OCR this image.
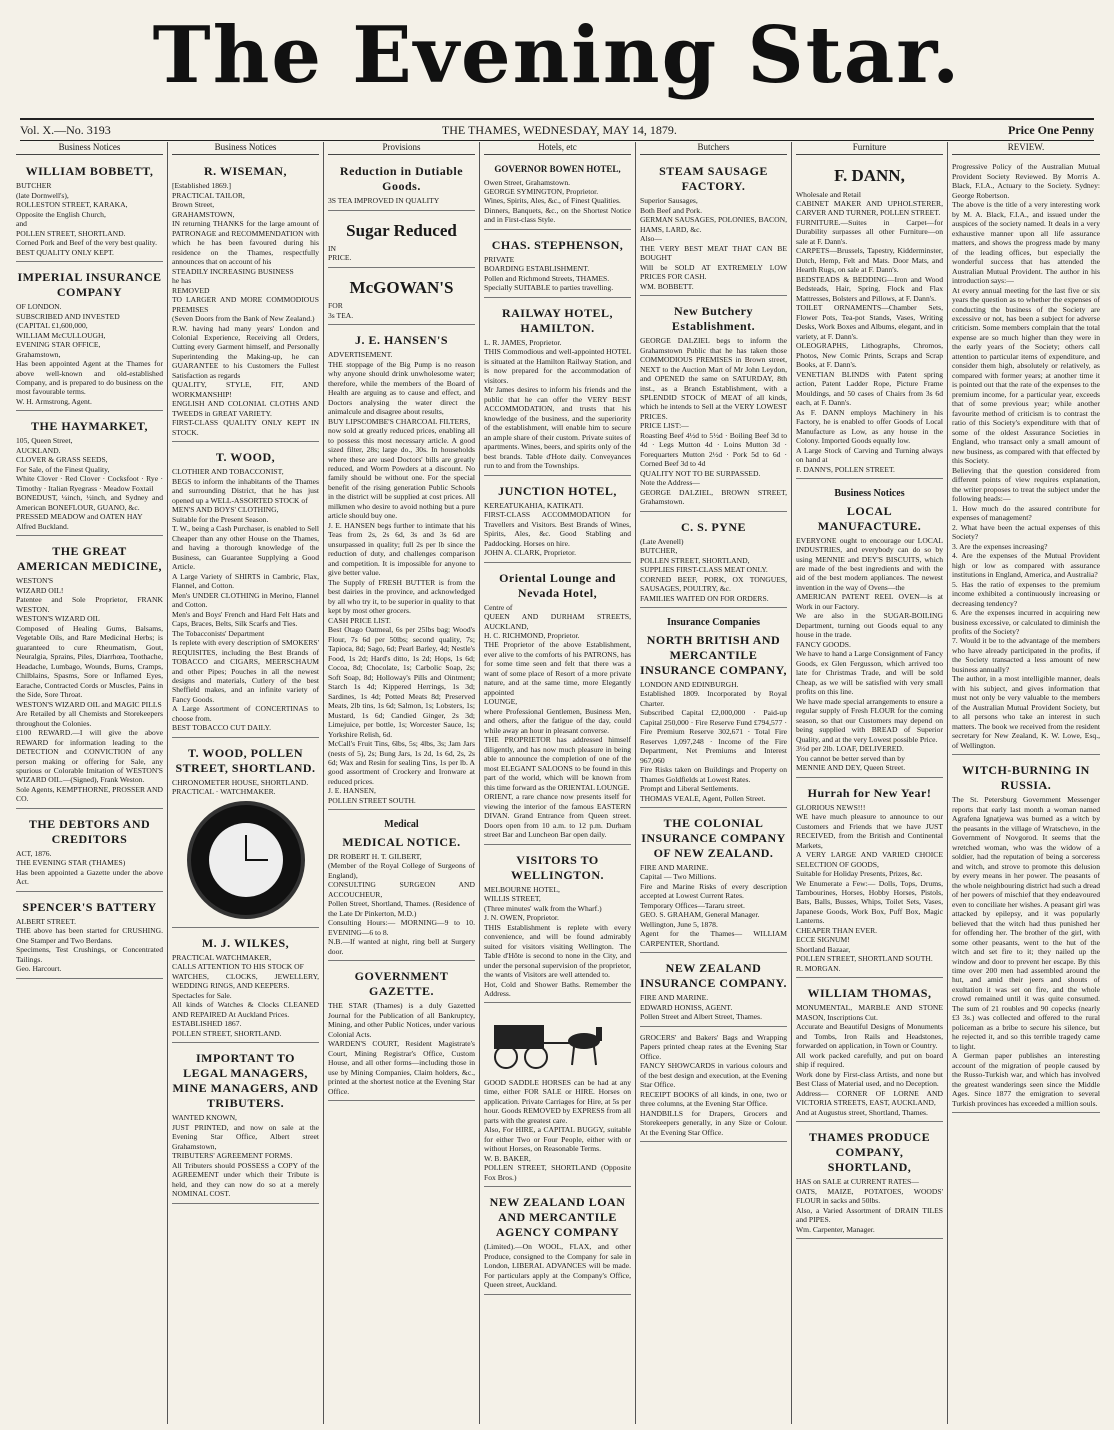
The Evening Star.
Vol. X.—No. 3193	THE THAMES, WEDNESDAY, MAY 14, 1879.	Price One Penny
Business Notices
WILLIAM BOBBETT,
BUTCHER
(late Dornwell's),
ROLLESTON STREET, KARAKA,
Opposite the English Church,
and
POLLEN STREET, SHORTLAND.
Corned Pork and Beef of the very best quality.
BEST QUALITY ONLY KEPT.
IMPERIAL INSURANCE COMPANY
OF LONDON.
SUBSCRIBED AND INVESTED
(CAPITAL £1,600,000,
WILLIAM McCULLOUGH,
EVENING STAR OFFICE,
Grahamstown,
Has been appointed Agent at the Thames for above well-known and old-established Company, and is prepared to do business on the most favourable terms.
W. H. Armstrong, Agent.
THE HAYMARKET,
105, Queen Street,
AUCKLAND.
CLOVER & GRASS SEEDS,
For Sale, of the Finest Quality,
White Clover · Red Clover · Cocksfoot · Rye · Timothy · Italian Ryegrass · Meadow Foxtail
BONEDUST, ¼inch, ½inch, and Sydney and American BONEFLOUR, GUANO, &c.
PRESSED MEADOW and OATEN HAY
Alfred Buckland.
THE GREAT AMERICAN MEDICINE,
WESTON'S
WIZARD OIL!
Patentee and Sole Proprietor, FRANK WESTON.
WESTON'S WIZARD OIL
Composed of Healing Gums, Balsams, Vegetable Oils, and Rare Medicinal Herbs; is guaranteed to cure Rheumatism, Gout, Neuralgia, Sprains, Piles, Diarrhœa, Toothache, Headache, Lumbago, Wounds, Burns, Cramps, Chilblains, Spasms, Sore or Inflamed Eyes, Earache, Contracted Cords or Muscles, Pains in the Side, Sore Throat.
WESTON'S WIZARD OIL and MAGIC PILLS
Are Retailed by all Chemists and Storekeepers throughout the Colonies.
£100 REWARD.—I will give the above REWARD for information leading to the DETECTION and CONVICTION of any person making or offering for Sale, any spurious or Colorable Imitation of WESTON'S WIZARD OIL.—(Signed), Frank Weston.
Sole Agents, KEMPTHORNE, PROSSER AND CO.
THE DEBTORS AND CREDITORS
ACT, 1876.
THE EVENING STAR (THAMES)
Has been appointed a Gazette under the above Act.
SPENCER'S BATTERY
ALBERT STREET.
THE above has been started for CRUSHING. One Stamper and Two Berdans.
Specimens, Test Crushings, or Concentrated Tailings.
Geo. Harcourt.
Business Notices
R. WISEMAN,
[Established 1869.]
PRACTICAL TAILOR,
Brown Street,
GRAHAMSTOWN,
IN returning THANKS for the large amount of PATRONAGE and RECOMMENDATION with which he has been favoured during his residence on the Thames, respectfully announces that on account of his
STEADILY INCREASING BUSINESS
he has
REMOVED
TO LARGER AND MORE COMMODIOUS PREMISES
(Seven Doors from the Bank of New Zealand.)
R.W. having had many years' London and Colonial Experience, Receiving all Orders, Cutting every Garment himself, and Personally Superintending the Making-up, he can GUARANTEE to his Customers the Fullest Satisfaction as regards
QUALITY, STYLE, FIT, AND WORKMANSHIP!
ENGLISH AND COLONIAL CLOTHS AND TWEEDS in GREAT VARIETY.
FIRST-CLASS QUALITY ONLY KEPT IN STOCK.
T. WOOD,
CLOTHIER AND TOBACCONIST,
BEGS to inform the inhabitants of the Thames and surrounding District, that he has just opened up a WELL-ASSORTED STOCK of
MEN'S AND BOYS' CLOTHING,
Suitable for the Present Season.
T. W., being a Cash Purchaser, is enabled to Sell Cheaper than any other House on the Thames, and having a thorough knowledge of the Business, can Guarantee Supplying a Good Article.
A Large Variety of SHIRTS in Cambric, Flax, Flannel, and Cotton.
Men's UNDER CLOTHING in Merino, Flannel and Cotton.
Men's and Boys' French and Hard Felt Hats and Caps, Braces, Belts, Silk Scarfs and Ties.
The Tobacconists' Department
Is replete with every description of SMOKERS' REQUISITES, including the Best Brands of TOBACCO and CIGARS, MEERSCHAUM and other Pipes; Pouches in all the newest designs and materials, Cutlery of the best Sheffield makes, and an infinite variety of Fancy Goods.
A Large Assortment of CONCERTINAS to choose from.
BEST TOBACCO CUT DAILY.
T. WOOD, POLLEN STREET, SHORTLAND.
CHRONOMETER HOUSE, SHORTLAND.
PRACTICAL · WATCHMAKER.
M. J. WILKES,
PRACTICAL WATCHMAKER,
CALLS ATTENTION TO HIS STOCK OF
WATCHES, CLOCKS, JEWELLERY, WEDDING RINGS, AND KEEPERS.
Spectacles for Sale.
All kinds of Watches & Clocks CLEANED AND REPAIRED At Auckland Prices.
ESTABLISHED 1867.
POLLEN STREET, SHORTLAND.
IMPORTANT TO LEGAL MANAGERS, MINE MANAGERS, AND TRIBUTERS.
WANTED KNOWN,
JUST PRINTED, and now on sale at the Evening Star Office, Albert street Grahamstown,
TRIBUTERS' AGREEMENT FORMS.
All Tributers should POSSESS a COPY of the AGREEMENT under which their Tribute is held, and they can now do so at a merely NOMINAL COST.
Provisions
Reduction in Dutiable Goods.
3S TEA IMPROVED IN QUALITY
Sugar Reduced
IN
PRICE.
McGOWAN'S
FOR
3s TEA.
J. E. HANSEN'S
ADVERTISEMENT.
THE stoppage of the Big Pump is no reason why anyone should drink unwholesome water; therefore, while the members of the Board of Health are arguing as to cause and effect, and Doctors analysing the water direct the animalcule and disagree about results,
BUY LIPSCOMBE'S CHARCOAL FILTERS,
now sold at greatly reduced prices, enabling all to possess this most necessary article. A good sized filter, 28s; large do., 30s. In households where these are used Doctors' bills are greatly reduced, and Worm Powders at a discount. No family should be without one. For the special benefit of the rising generation Public Schools in the district will be supplied at cost prices. All milkmen who desire to avoid nothing but a pure article should buy one.
J. E. HANSEN begs further to intimate that his Teas from 2s, 2s 6d, 3s and 3s 6d are unsurpassed in quality; full 2s per lb since the reduction of duty, and challenges comparison and competition. It is impossible for anyone to give better value.
The Supply of FRESH BUTTER is from the best dairies in the province, and acknowledged by all who try it, to be superior in quality to that kept by most other grocers.
CASH PRICE LIST.
Best Otago Oatmeal, 6s per 25lbs bag; Wood's Flour, 7s 6d per 50lbs; second quality, 7s; Tapioca, 8d; Sago, 6d; Pearl Barley, 4d; Nestle's Food, 1s 2d; Hard's ditto, 1s 2d; Hops, 1s 6d; Cocoa, 8d; Chocolate, 1s; Carbolic Soap, 2s; Soft Soap, 8d; Holloway's Pills and Ointment; Starch 1s 4d; Kippered Herrings, 1s 3d; Sardines, 1s 4d; Potted Meats 8d; Preserved Meats, 2lb tins, 1s 6d; Salmon, 1s; Lobsters, 1s; Mustard, 1s 6d; Candied Ginger, 2s 3d; Limejuice, per bottle, 1s; Worcester Sauce, 1s; Yorkshire Relish, 6d.
McCall's Fruit Tins, 6lbs, 5s; 4lbs, 3s; Jam Jars (nests of 5), 2s; Bung Jars, 1s 2d, 1s 6d, 2s, 2s 6d; Wax and Resin for sealing Tins, 1s per lb. A good assortment of Crockery and Ironware at reduced prices.
J. E. HANSEN,
POLLEN STREET SOUTH.
Medical
MEDICAL NOTICE.
DR ROBERT H. T. GILBERT,
(Member of the Royal College of Surgeons of England),
CONSULTING SURGEON AND ACCOUCHEUR,
Pollen Street, Shortland, Thames. (Residence of the Late Dr Pinkerton, M.D.)
Consulting Hours:— MORNING—9 to 10. EVENING—6 to 8.
N.B.—If wanted at night, ring bell at Surgery door.
GOVERNMENT GAZETTE.
THE STAR (Thames) is a duly Gazetted Journal for the Publication of all Bankruptcy, Mining, and other Public Notices, under various Colonial Acts.
WARDEN'S COURT, Resident Magistrate's Court, Mining Registrar's Office, Custom House, and all other forms—including those in use by Mining Companies, Claim holders, &c., printed at the shortest notice at the Evening Star Office.
Hotels, etc
GOVERNOR BOWEN HOTEL,
Owen Street, Grahamstown.
GEORGE SYMINGTON, Proprietor.
Wines, Spirits, Ales, &c., of Finest Qualities.
Dinners, Banquets, &c., on the Shortest Notice and in First-class Style.
CHAS. STEPHENSON,
PRIVATE
BOARDING ESTABLISHMENT.
Pollen and Richmond Streets, THAMES.
Specially SUITABLE to parties travelling.
RAILWAY HOTEL, HAMILTON.
L. R. JAMES, Proprietor.
THIS Commodious and well-appointed HOTEL is situated at the Hamilton Railway Station, and is now prepared for the accommodation of visitors.
Mr James desires to inform his friends and the public that he can offer the VERY BEST ACCOMMODATION, and trusts that his knowledge of the business, and the superiority of the establishment, will enable him to secure an ample share of their custom. Private suites of apartments. Wines, beers, and spirits only of the best brands. Table d'Hote daily. Conveyances run to and from the Townships.
JUNCTION HOTEL,
KEREATUKAHIA, KATIKATI.
FIRST-CLASS ACCOMMODATION for Travellers and Visitors. Best Brands of Wines, Spirits, Ales, &c. Good Stabling and Paddocking. Horses on hire.
JOHN A. CLARK, Proprietor.
Oriental Lounge and Nevada Hotel,
Centre of
QUEEN AND DURHAM STREETS, AUCKLAND,
H. C. RICHMOND, Proprietor.
THE Proprietor of the above Establishment, ever alive to the comforts of his PATRONS, has for some time seen and felt that there was a want of some place of Resort of a more private nature, and at the same time, more Elegantly appointed
LOUNGE,
where Professional Gentlemen, Business Men, and others, after the fatigue of the day, could while away an hour in pleasant converse.
THE PROPRIETOR has addressed himself diligently, and has now much pleasure in being able to announce the completion of one of the most ELEGANT SALOONS to be found in this part of the world, which will be known from this time forward as the ORIENTAL LOUNGE.
ORIENT, a rare chance now presents itself for viewing the interior of the famous EASTERN DIVAN. Grand Entrance from Queen street. Doors open from 10 a.m. to 12 p.m. Durham street Bar and Luncheon Bar open daily.
VISITORS TO WELLINGTON.
MELBOURNE HOTEL,
WILLIS STREET,
(Three minutes' walk from the Wharf.)
J. N. OWEN, Proprietor.
THIS Establishment is replete with every convenience, and will be found admirably suited for visitors visiting Wellington. The Table d'Hôte is second to none in the City, and under the personal supervision of the proprietor, the wants of Visitors are well attended to.
Hot, Cold and Shower Baths. Remember the Address.
GOOD SADDLE HORSES can be had at any time, either FOR SALE or HIRE. Horses on application. Private Carriages for Hire, at 5s per hour. Goods REMOVED by EXPRESS from all parts with the greatest care.
Also, For HIRE, a CAPITAL BUGGY, suitable for either Two or Four People, either with or without Horses, on Reasonable Terms.
W. B. BAKER,
POLLEN STREET, SHORTLAND (Opposite Fox Bros.)
NEW ZEALAND LOAN AND MERCANTILE AGENCY COMPANY
(Limited).—On WOOL, FLAX, and other Produce, consigned to the Company for sale in London, LIBERAL ADVANCES will be made. For particulars apply at the Company's Office, Queen street, Auckland.
Butchers
STEAM SAUSAGE FACTORY.
Superior Sausages,
Both Beef and Pork.
GERMAN SAUSAGES, POLONIES, BACON, HAMS, LARD, &c.
Also—
THE VERY BEST MEAT THAT CAN BE BOUGHT
Will be SOLD AT EXTREMELY LOW PRICES FOR CASH.
WM. BOBBETT.
New Butchery Establishment.
GEORGE DALZIEL begs to inform the Grahamstown Public that he has taken those COMMODIOUS PREMISES in Brown street, NEXT to the Auction Mart of Mr John Leydon, and OPENED the same on SATURDAY, 8th inst., as a Branch Establishment, with a SPLENDID STOCK of MEAT of all kinds, which he intends to Sell at the VERY LOWEST PRICES.
PRICE LIST:—
Roasting Beef 4½d to 5½d · Boiling Beef 3d to 4d · Legs Mutton 4d · Loins Mutton 3d · Forequarters Mutton 2½d · Pork 5d to 6d · Corned Beef 3d to 4d
QUALITY NOT TO BE SURPASSED.
Note the Address—
GEORGE DALZIEL, BROWN STREET, Grahamstown.
C. S. PYNE
(Late Avenell)
BUTCHER,
POLLEN STREET, SHORTLAND,
SUPPLIES FIRST-CLASS MEAT ONLY.
CORNED BEEF, PORK, OX TONGUES, SAUSAGES, POULTRY, &c.
FAMILIES WAITED ON FOR ORDERS.
Insurance Companies
NORTH BRITISH AND MERCANTILE INSURANCE COMPANY,
LONDON AND EDINBURGH.
Established 1809. Incorporated by Royal Charter.
Subscribed Capital £2,000,000 · Paid-up Capital 250,000 · Fire Reserve Fund £794,577 · Fire Premium Reserve 302,671 · Total Fire Reserves 1,097,248 · Income of the Fire Department, Net Premiums and Interest 967,060
Fire Risks taken on Buildings and Property on Thames Goldfields at Lowest Rates.
Prompt and Liberal Settlements.
THOMAS VEALE, Agent, Pollen Street.
THE COLONIAL INSURANCE COMPANY OF NEW ZEALAND.
FIRE AND MARINE.
Capital — Two Millions.
Fire and Marine Risks of every description accepted at Lowest Current Rates.
Temporary Offices—Tararu street.
GEO. S. GRAHAM, General Manager.
Wellington, June 5, 1878.
Agent for the Thames— WILLIAM CARPENTER, Shortland.
NEW ZEALAND INSURANCE COMPANY.
FIRE AND MARINE.
EDWARD HONISS, AGENT.
Pollen Street and Albert Street, Thames.
GROCERS' and Bakers' Bags and Wrapping Papers printed cheap rates at the Evening Star Office.
FANCY SHOWCARDS in various colours and of the best design and execution, at the Evening Star Office.
RECEIPT BOOKS of all kinds, in one, two or three columns, at the Evening Star Office.
HANDBILLS for Drapers, Grocers and Storekeepers generally, in any Size or Colour. At the Evening Star Office.
Furniture
F. DANN,
Wholesale and Retail
CABINET MAKER AND UPHOLSTERER, CARVER AND TURNER, POLLEN STREET.
FURNITURE.—Suites in Carpet—for Durability surpasses all other Furniture—on sale at F. Dann's.
CARPETS—Brussels, Tapestry, Kidderminster, Dutch, Hemp, Felt and Mats. Door Mats, and Hearth Rugs, on sale at F. Dann's.
BEDSTEADS & BEDDING—Iron and Wood Bedsteads, Hair, Spring, Flock and Flax Mattresses, Bolsters and Pillows, at F. Dann's.
TOILET ORNAMENTS—Chamber Sets, Flower Pots, Tea-pot Stands, Vases, Writing Desks, Work Boxes and Albums, elegant, and in variety, at F. Dann's.
OLEOGRAPHS, Lithographs, Chromos, Photos, New Comic Prints, Scraps and Scrap Books, at F. Dann's.
VENETIAN BLINDS with Patent spring action, Patent Ladder Rope, Picture Frame Mouldings, and 50 cases of Chairs from 3s 6d each, at F. Dann's.
As F. DANN employs Machinery in his Factory, he is enabled to offer Goods of Local Manufacture as Low, as any house in the Colony. Imported Goods equally low.
A Large Stock of Carving and Turning always on hand at
F. DANN'S, POLLEN STREET.
Business Notices
LOCAL MANUFACTURE.
EVERYONE ought to encourage our LOCAL INDUSTRIES, and everybody can do so by using MENNIE and DEY'S BISCUITS, which are made of the best ingredients and with the aid of the best modern appliances. The newest invention in the way of Ovens—the
AMERICAN PATENT REEL OVEN—is at Work in our Factory.
We are also in the SUGAR-BOILING Department, turning out Goods equal to any house in the trade.
FANCY GOODS.
We have to hand a Large Consignment of Fancy Goods, ex Glen Fergusson, which arrived too late for Christmas Trade, and will be sold Cheap, as we will be satisfied with very small profits on this line.
We have made special arrangements to ensure a regular supply of Fresh FLOUR for the coming season, so that our Customers may depend on being supplied with BREAD of Superior Quality, and at the very Lowest possible Price.
3½d per 2lb. LOAF, DELIVERED.
You cannot be better served than by
MENNIE AND DEY, Queen Street.
Hurrah for New Year!
GLORIOUS NEWS!!!
WE have much pleasure to announce to our Customers and Friends that we have JUST RECEIVED, from the British and Continental Markets,
A VERY LARGE AND VARIED CHOICE SELECTION OF GOODS,
Suitable for Holiday Presents, Prizes, &c.
We Enumerate a Few:— Dolls, Tops, Drums, Tambourines, Horses, Hobby Horses, Pistols, Bats, Balls, Busses, Whips, Toilet Sets, Vases, Japanese Goods, Work Box, Puff Box, Magic Lanterns.
CHEAPER THAN EVER.
ECCE SIGNUM!
Shortland Bazaar,
POLLEN STREET, SHORTLAND SOUTH.
R. MORGAN.
WILLIAM THOMAS,
MONUMENTAL, MARBLE AND STONE MASON, Inscriptions Cut.
Accurate and Beautiful Designs of Monuments and Tombs, Iron Rails and Headstones, forwarded on application, in Town or Country.
All work packed carefully, and put on board ship if required.
Work done by First-class Artists, and none but Best Class of Material used, and no Deception.
Address— CORNER OF LORNE AND VICTORIA STREETS, EAST, AUCKLAND,
And at Augustus street, Shortland, Thames.
THAMES PRODUCE COMPANY, SHORTLAND,
HAS on SALE at CURRENT RATES—
OATS, MAIZE, POTATOES, WOODS' FLOUR in sacks and 50lbs.
Also, a Varied Assortment of DRAIN TILES and PIPES.
Wm. Carpenter, Manager.
REVIEW.
Progressive Policy of the Australian Mutual Provident Society Reviewed. By Morris A. Black, F.I.A., Actuary to the Society. Sydney: George Robertson.
The above is the title of a very interesting work by M. A. Black, F.I.A., and issued under the auspices of the society named. It deals in a very exhaustive manner upon all life assurance matters, and shows the progress made by many of the leading offices, but especially the wonderful success that has attended the Australian Mutual Provident. The author in his introduction says:—
At every annual meeting for the last five or six years the question as to whether the expenses of conducting the business of the Society are excessive or not, has been a subject for adverse criticism. Some members complain that the total expense are so much higher than they were in the early years of the Society; others call attention to particular items of expenditure, and consider them high, absolutely or relatively, as compared with former years; at another time it is pointed out that the rate of the expenses to the premium income, for a particular year, exceeds that of some previous year; while another favourite method of criticism is to contrast the ratio of this Society's expenditure with that of some of the oldest Assurance Societies in England, who transact only a small amount of new business, as compared with that effected by this Society.
Believing that the question considered from different points of view requires explanation, the writer proposes to treat the subject under the following heads:—
1. How much do the assured contribute for expenses of management?
2. What have been the actual expenses of this Society?
3. Are the expenses increasing?
4. Are the expenses of the Mutual Provident high or low as compared with assurance institutions in England, America, and Australia?
5. Has the ratio of expenses to the premium income exhibited a continuously increasing or decreasing tendency?
6. Are the expenses incurred in acquiring new business excessive, or calculated to diminish the profits of the Society?
7. Would it be to the advantage of the members who have already participated in the profits, if the Society transacted a less amount of new business annually?
The author, in a most intelligible manner, deals with his subject, and gives information that must not only be very valuable to the members of the Australian Mutual Provident Society, but to all persons who take an interest in such matters. The book we received from the resident secretary for New Zealand, K. W. Lowe, Esq., of Wellington.
WITCH-BURNING IN RUSSIA.
The St. Petersburg Government Messenger reports that early last month a woman named Agrafena Ignatjewa was burned as a witch by the peasants in the village of Wratschevo, in the Government of Novgorod. It seems that the wretched woman, who was the widow of a soldier, had the reputation of being a sorceress and witch, and strove to promote this delusion by every means in her power. The peasants of the whole neighbouring district had such a dread of her powers of mischief that they endeavoured even to conciliate her wishes. A peasant girl was attacked by epilepsy, and it was popularly believed that the witch had thus punished her for offending her. The brother of the girl, with some other peasants, went to the hut of the witch and set fire to it; they nailed up the window and door to prevent her escape. By this time over 200 men had assembled around the hut, and amid their jeers and shouts of exultation it was set on fire, and the whole crowd remained until it was quite consumed. The sum of 21 roubles and 90 copecks (nearly £3 3s.) was collected and offered to the rural policeman as a bribe to secure his silence, but he rejected it, and so this terrible tragedy came to light.
A German paper publishes an interesting account of the migration of people caused by the Russo-Turkish war, and which has involved the greatest wanderings seen since the Middle Ages. Since 1877 the emigration to several Turkish provinces has exceeded a million souls.
